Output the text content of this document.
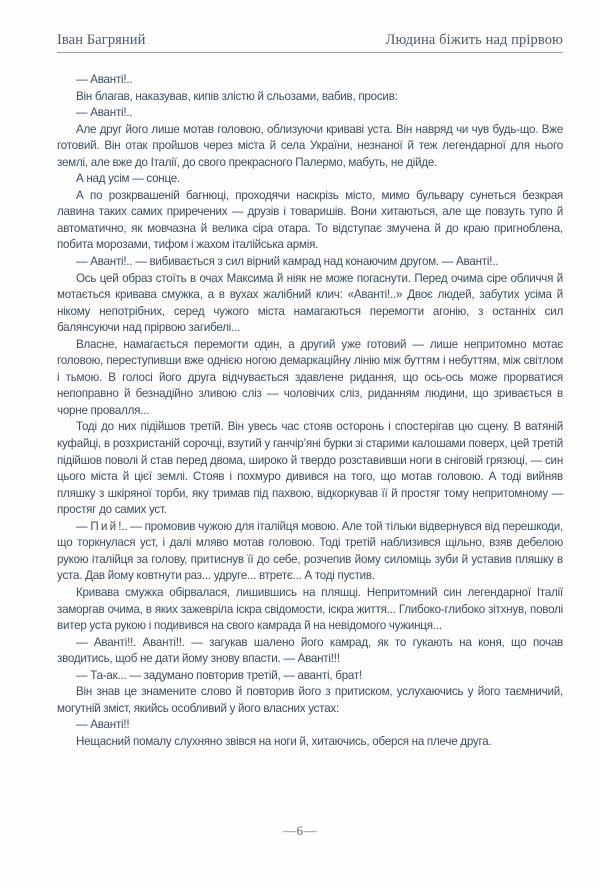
Іван Багряний	Людина біжить над прірвою

— Аванті!..

Він благав, наказував, кипів злістю й сльозами, вабив, просив:

— Аванті!..

Але друг його лише мотав головою, облизуючи криваві уста. Він навряд чи чув будь-що. Вже готовий. Він отак пройшов через міста й села України, незнаної й теж легендарної для нього землі, але вже до Італії, до свого прекрасного Палермо, мабуть, не дійде.

А над усім — сонце.

А по розкрвашеній багнюці, проходячи наскрізь місто, мимо бульвару сунеться безкрая лавина таких самих приречених — друзів і товаришів. Вони хитаються, але ще повзуть тупо й автоматично, як мовчазна й велика сіра отара. То відступає змучена й до краю пригноблена, побита морозами, тифом і жахом італійська армія.

— Аванті!.. — вибивається з сил вірний камрад над конаючим другом. — Аванті!..

Ось цей образ стоїть в очах Максима й ніяк не може погаснути. Перед очима сіре обличчя й мотається кривава смужка, а в вухах жалібний клич: «Аванті!..» Двоє людей, забутих усіма й нікому непотрібних, серед чужого міста намагаються перемогти агонію, з останніх сил балянсуючи над прірвою загибелі...

Власне, намагається перемогти один, а другий уже готовий — лише непритомно мотає головою, переступивши вже однією ногою демаркаційну лінію між буттям і небуттям, між світлом і тьмою. В голосі його друга відчувається здавлене ридання, що ось-ось може прорватися непоправно й безнадійно зливою сліз — чоловічих сліз, риданням людини, що зривається в чорне провалля...

Тоді до них підійшов третій. Він увесь час стояв осторонь і спостерігав цю сцену. В ватяній куфайці, в розхристаній сорочці, взутий у ганчір’яні бурки зі старими калошами поверх, цей третій підійшов поволі й став перед двома, широко й твердо розставивши ноги в сніговій грязюці, — син цього міста й цієї землі. Стояв і похмуро дивився на того, що мотав головою. А тоді вийняв пляшку з шкіряної торби, яку тримав під пахвою, відкоркував її й простяг тому непритомному — простяг до самих уст.

— Пий!.. — промовив чужою для італійця мовою. Але той тільки відвернувся від перешкоди, що торкнулася уст, і далі мляво мотав головою. Тоді третій наблизився щільно, взяв дебелою рукою італійця за голову, притиснув її до себе, розчепив йому силоміць зуби й уставив пляшку в уста. Дав йому ковтнути раз... удруге... втретє... А тоді пустив.

Кривава смужка обірвалася, лишившись на пляшці. Непритомний син легендарної Італії заморгав очима, в яких зажевріла іскра свідомости, іскра життя... Глибоко-глибоко зітхнув, поволі витер уста рукою і подивився на свого камрада й на невідомого чужинця...

— Аванті!!. Аванті!!. — загукав шалено його камрад, як то гукають на коня, що почав зводитись, щоб не дати йому знову впасти. — Аванті!!!

— Та-ак... — задумано повторив третій, — аванті, брат!

Він знав це знамените слово й повторив його з притиском, услухаючись у його таємничий, могутній зміст, якийсь особливий у його власних устах:

— Аванті!!

Нещасний помалу слухняно звівся на ноги й, хитаючись, оберся на плече друга.

—6—
